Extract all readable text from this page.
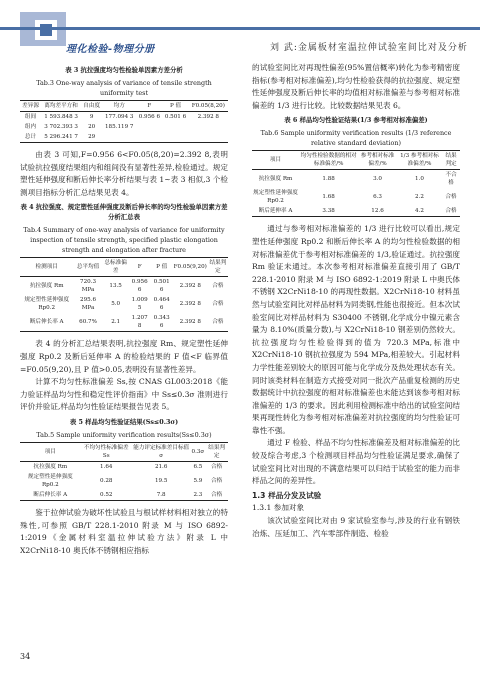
理化检验-物理分册	刘 武:金属板材室温拉伸试验室间比对及分析
表 3 抗拉强度均匀性检验单因素方差分析
Tab.3 One-way analysis of variance of tensile strength uniformity test
差异源	离均差平方和	自由度	均方	F	P 值	F0.05(8,20)
组间	1 593.848 3	9	177.094 3	0.956 6	0.501 6	2.392 8
组内	3 702.393 3	20	185.119 7			
总计	5 296.241 7	29				

由表 3 可知,F=0.956 6<F0.05(8,20)=2.392 8,表明试验抗拉强度结果组内和组间没有显著性差异,检验通过。规定塑性延伸强度和断后伸长率分析结果与表 1~表 3 相似,3 个检测项目指标分析汇总结果见表 4。

表 4 抗拉强度、规定塑性延伸强度及断后伸长率的均匀性检验单因素方差分析汇总表
Tab.4 Summary of one-way analysis of variance for uniformity inspection of tensile strength, specified plastic elongation strength and elongation after fracture
检测项目	总平均值	总标准偏差	F	P 值	F0.05(9,20)	结果判定
抗拉强度 Rm	720.3 MPa	13.5	0.956 6	0.501 6	2.392 8	合格
规定塑性延伸强度 Rp0.2	295.6 MPa	5.0	1.009 5	0.464 6	2.392 8	合格
断后伸长率 A	60.7%	2.1	1.207 8	0.343 6	2.392 8	合格

表 4 的分析汇总结果表明,抗拉强度 Rm、规定塑性延伸强度 Rp0.2 及断后延伸率 A 的检验结果的 F 值<F 临界值=F0.05(9,20),且 P 值>0.05,表明没有显著性差异。

计算不均匀性标准偏差 Ss,按 CNAS GL003:2018《能力验证样品均匀性和稳定性评价指南》中 Ss≤0.3σ 准则进行评价并验证,样品均匀性验证结果报告见表 5。

表 5 样品均匀性验证结果(Ss≤0.3σ)
Tab.5 Sample uniformity verification results(Ss≤0.3σ)
项目	不均匀性标准偏差 Ss	能力评定标准差目标值 σ	0.3σ	结果判定
抗拉强度 Rm	1.64	21.6	6.5	合格
规定塑性延伸强度 Rp0.2	0.28	19.5	5.9	合格
断后伸长率 A	0.52	7.8	2.3	合格

鉴于拉伸试验为破坏性试验且与根试样材料相对独立的特殊性,可参照 GB/T 228.1-2010 附录 M 与 ISO 6892-1:2019《金属材料室温拉伸试验方法》附录 L 中 X2CrNi18-10 奥氏体不锈钢相应指标

的试验室间比对再现性偏差(95%置信概率)转化为参考精密度指标(参考相对标准偏差),均匀性检验获得的抗拉强度、规定塑性延伸强度及断后伸长率的均值相对标准偏差与参考相对标准偏差的 1/3 进行比较。比较数据结果见表 6。

表 6 样品均匀性验证结果(1/3 参考相对标准偏差)
Tab.6 Sample uniformity verification results (1/3 reference relative standard deviation)
项目	均匀性检验数据的相对标准偏差/%	参考相对标准偏差/%	1/3 参考相对标准偏差/%	结果判定
抗拉强度 Rm	1.88	3.0	1.0	不合格
规定塑性延伸强度 Rp0.2	1.68	6.3	2.2	合格
断后延伸率 A	3.38	12.6	4.2	合格

通过与参考相对标准偏差的 1/3 进行比较可以看出,规定塑性延伸强度 Rp0.2 和断后伸长率 A 的均匀性检验数据的相对标准偏差优于参考相对标准偏差的 1/3,验证通过。抗拉强度 Rm 验证未通过。本次参考相对标准偏差直接引用了 GB/T 228.1-2010 附录 M 与 ISO 6892-1:2019 附录 L 中奥氏体不锈钢 X2CrNi18-10 的再现性数据。X2CrNi18-10 材料虽然与试验室间比对样品材料为同类钢,性能也很接近。但本次试验室间比对样品材料为 S30400 不锈钢,化学成分中镍元素含量为 8.10%(质量分数),与 X2CrNi18-10 钢差别仍然较大。抗拉强度均匀性检验得到的值为 720.3 MPa,标准中 X2CrNi18-10 钢抗拉强度为 594 MPa,相差较大。引起材料力学性能差别较大的原因可能与化学成分及热处理状态有关。同时该类材料在制造方式接受对同一批次产品重复检测的历史数据统计中抗拉强度的相对标准偏差也未能达到该参考相对标准偏差的 1/3 的要求。因此利用检测标准中给出的试验室间结果再现性转化为参考相对标准偏差对抗拉强度的均匀性验证可靠性不强。

通过 F 检验、样品不均匀性标准偏差及相对标准偏差的比较及综合考虑,3 个检测项目样品均匀性验证满足要求,确保了试验室间比对出现的不满意结果可以归结于试验室的能力而非样品之间的差异性。

1.3 样品分发及试验
1.3.1 参加对象

该次试验室间比对由 9 家试验室参与,涉及的行业有钢铁冶炼、压延加工、汽车零部件制造、检验

34
